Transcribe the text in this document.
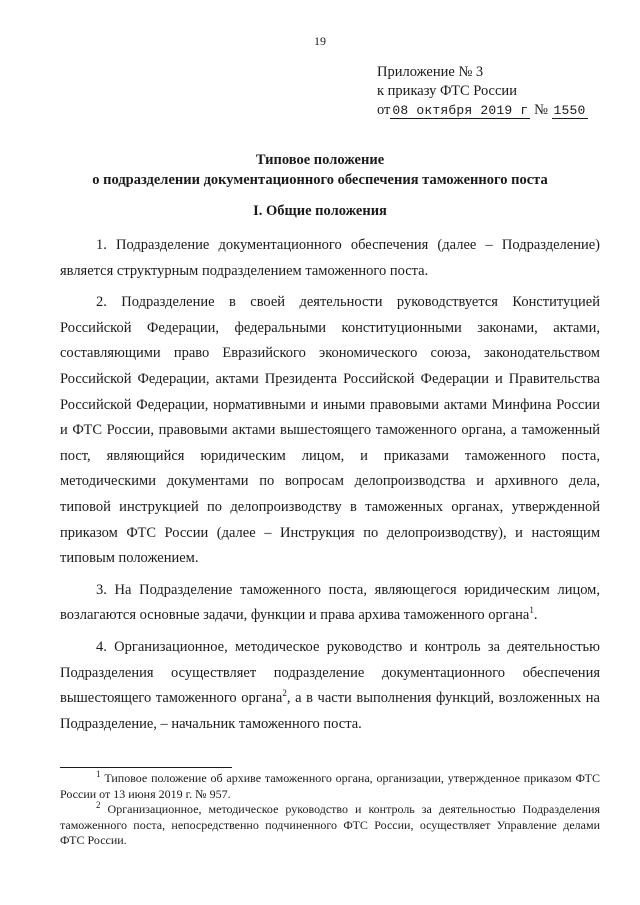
19
Приложение № 3
к приказу ФТС России
от 08 октября 2019 г № 1550
Типовое положение
о подразделении документационного обеспечения таможенного поста
I. Общие положения

1. Подразделение документационного обеспечения (далее – Подразделение) является структурным подразделением таможенного поста.

2. Подразделение в своей деятельности руководствуется Конституцией Российской Федерации, федеральными конституционными законами, актами, составляющими право Евразийского экономического союза, законодательством Российской Федерации, актами Президента Российской Федерации и Правительства Российской Федерации, нормативными и иными правовыми актами Минфина России и ФТС России, правовыми актами вышестоящего таможенного органа, а таможенный пост, являющийся юридическим лицом, и приказами таможенного поста, методическими документами по вопросам делопроизводства и архивного дела, типовой инструкцией по делопроизводству в таможенных органах, утвержденной приказом ФТС России (далее – Инструкция по делопроизводству), и настоящим типовым положением.

3. На Подразделение таможенного поста, являющегося юридическим лицом, возлагаются основные задачи, функции и права архива таможенного органа$^1$.

4. Организационное, методическое руководство и контроль за деятельностью Подразделения осуществляет подразделение документационного обеспечения вышестоящего таможенного органа$^2$, а в части выполнения функций, возложенных на Подразделение, – начальник таможенного поста.

$^1$ Типовое положение об архиве таможенного органа, организации, утвержденное приказом ФТС России от 13 июня 2019 г. № 957.

$^2$ Организационное, методическое руководство и контроль за деятельностью Подразделения таможенного поста, непосредственно подчиненного ФТС России, осуществляет Управление делами ФТС России.
